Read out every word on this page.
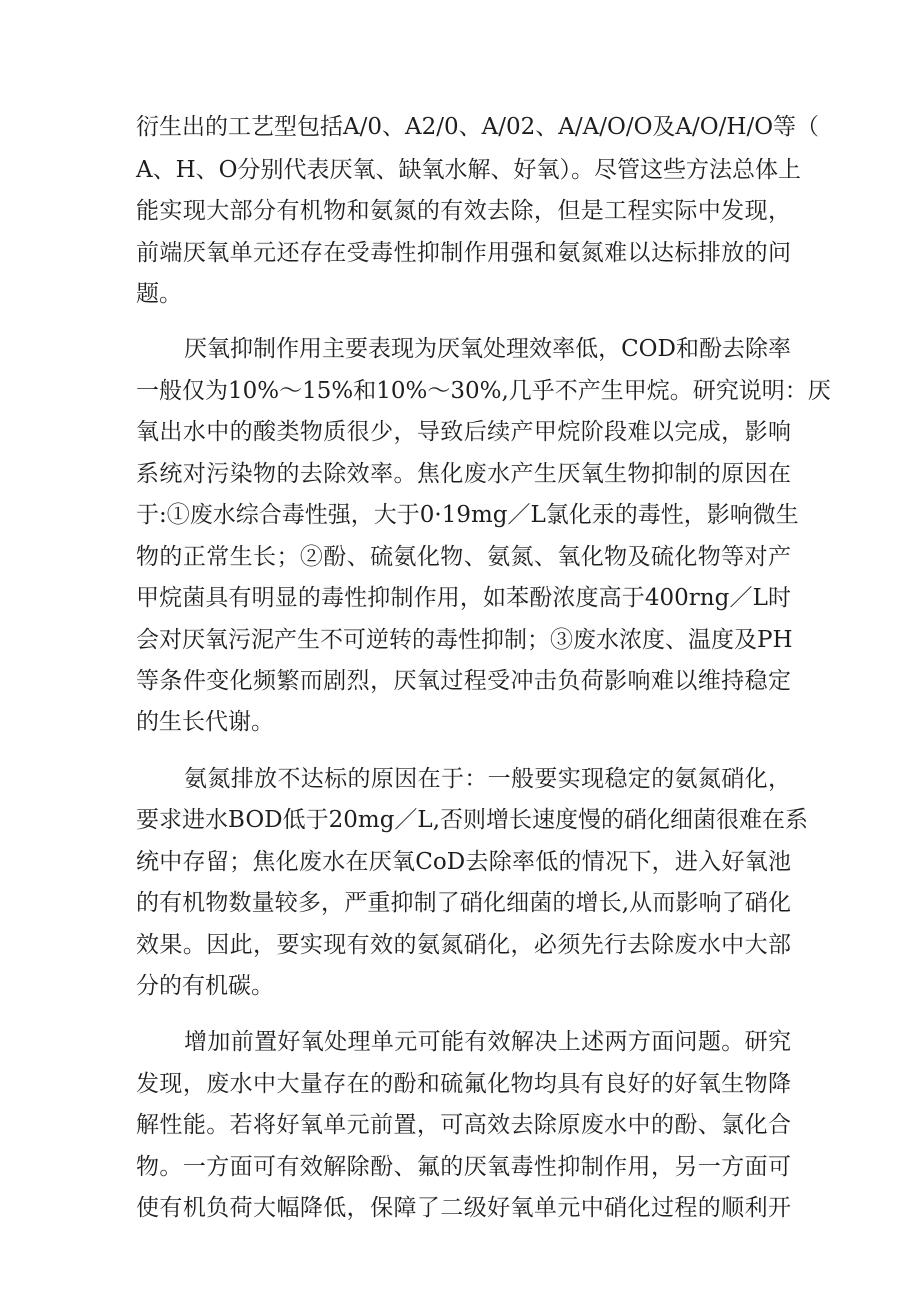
衍生出的工艺型包括A/0、A2/0、A/02、A/A/O/O及A/O/H/O等（
A、H、O分别代表厌氧、缺氧水解、好氧）。尽管这些方法总体上
能实现大部分有机物和氨氮的有效去除，但是工程实际中发现，
前端厌氧单元还存在受毒性抑制作用强和氨氮难以达标排放的问
题。
厌氧抑制作用主要表现为厌氧处理效率低，COD和酚去除率
一般仅为10%～15%和10%～30%,几乎不产生甲烷。研究说明：厌
氧出水中的酸类物质很少，导致后续产甲烷阶段难以完成，影响
系统对污染物的去除效率。焦化废水产生厌氧生物抑制的原因在
于:①废水综合毒性强，大于0·19mg／L氯化汞的毒性，影响微生
物的正常生长；②酚、硫氨化物、氨氮、氧化物及硫化物等对产
甲烷菌具有明显的毒性抑制作用，如苯酚浓度高于400rng／L时
会对厌氧污泥产生不可逆转的毒性抑制；③废水浓度、温度及PH
等条件变化频繁而剧烈，厌氧过程受冲击负荷影响难以维持稳定
的生长代谢。
氨氮排放不达标的原因在于：一般要实现稳定的氨氮硝化，
要求进水BOD低于20mg／L,否则增长速度慢的硝化细菌很难在系
统中存留；焦化废水在厌氧CoD去除率低的情况下，进入好氧池
的有机物数量较多，严重抑制了硝化细菌的增长,从而影响了硝化
效果。因此，要实现有效的氨氮硝化，必须先行去除废水中大部
分的有机碳。
增加前置好氧处理单元可能有效解决上述两方面问题。研究
发现，废水中大量存在的酚和硫氟化物均具有良好的好氧生物降
解性能。若将好氧单元前置，可高效去除原废水中的酚、氯化合
物。一方面可有效解除酚、氟的厌氧毒性抑制作用，另一方面可
使有机负荷大幅降低，保障了二级好氧单元中硝化过程的顺利开
